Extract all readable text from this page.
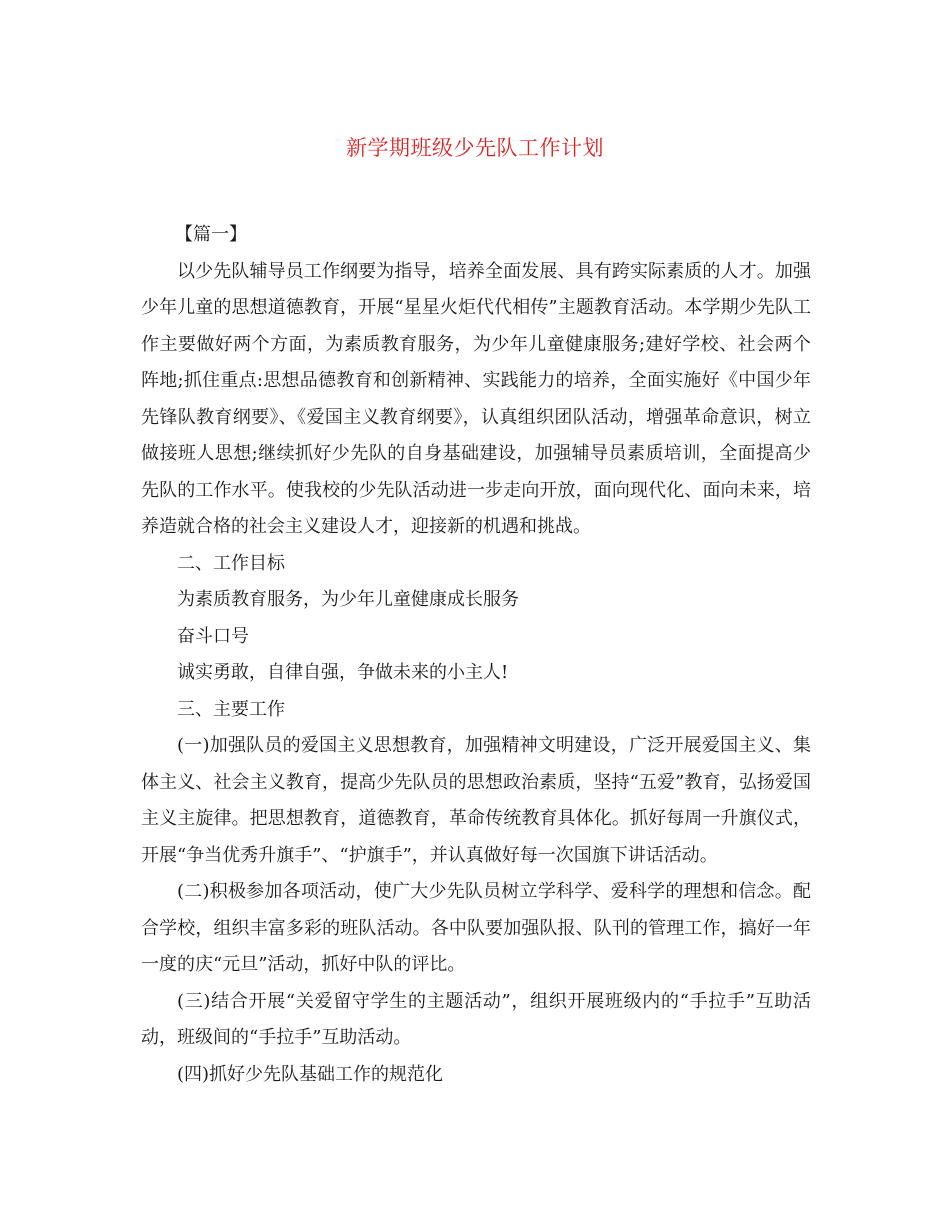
新学期班级少先队工作计划

【篇一】

以少先队辅导员工作纲要为指导，培养全面发展、具有跨实际素质的人才。加强少年儿童的思想道德教育，开展“星星火炬代代相传”主题教育活动。本学期少先队工作主要做好两个方面，为素质教育服务，为少年儿童健康服务;建好学校、社会两个阵地;抓住重点:思想品德教育和创新精神、实践能力的培养，全面实施好《中国少年先锋队教育纲要》、《爱国主义教育纲要》，认真组织团队活动，增强革命意识，树立做接班人思想;继续抓好少先队的自身基础建设，加强辅导员素质培训，全面提高少先队的工作水平。使我校的少先队活动进一步走向开放，面向现代化、面向未来，培养造就合格的社会主义建设人才，迎接新的机遇和挑战。

二、工作目标

为素质教育服务，为少年儿童健康成长服务

奋斗口号

诚实勇敢，自律自强，争做未来的小主人!

三、主要工作

(一)加强队员的爱国主义思想教育，加强精神文明建设，广泛开展爱国主义、集体主义、社会主义教育，提高少先队员的思想政治素质，坚持“五爱”教育，弘扬爱国主义主旋律。把思想教育，道德教育，革命传统教育具体化。抓好每周一升旗仪式，开展“争当优秀升旗手”、“护旗手”，并认真做好每一次国旗下讲话活动。

(二)积极参加各项活动，使广大少先队员树立学科学、爱科学的理想和信念。配合学校，组织丰富多彩的班队活动。各中队要加强队报、队刊的管理工作，搞好一年一度的庆“元旦”活动，抓好中队的评比。

(三)结合开展“关爱留守学生的主题活动”，组织开展班级内的“手拉手”互助活动，班级间的“手拉手”互助活动。

(四)抓好少先队基础工作的规范化
